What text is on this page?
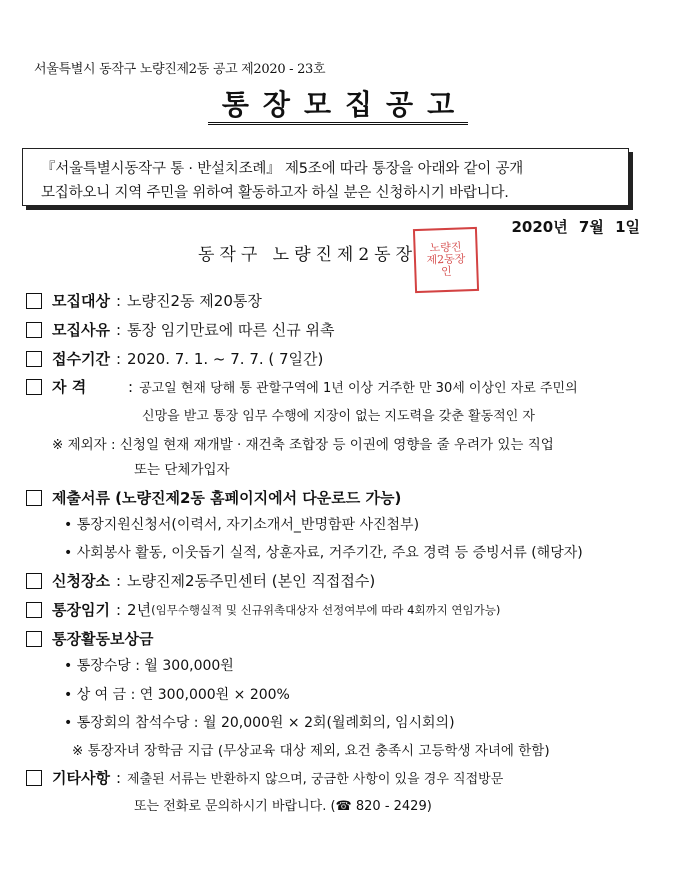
서울특별시 동작구 노량진제2동 공고 제2020 - 23호
통장모집공고
『서울특별시동작구 통 · 반설치조례』 제5조에 따라 통장을 아래와 같이 공개
모집하오니 지역 주민을 위하여 활동하고자 하실 분은 신청하시기 바랍니다.
2020년 7월 1일
동작구 노량진제2동장	노량진
제2동장
인
모집대상 : 노량진2동 제20통장
모집사유 : 통장 임기만료에 따른 신규 위촉
접수기간 : 2020. 7. 1. ~ 7. 7. ( 7일간)
자 격	: 공고일 현재 당해 통 관할구역에 1년 이상 거주한 만 30세 이상인 자로 주민의
신망을 받고 통장 임무 수행에 지장이 없는 지도력을 갖춘 활동적인 자
※ 제외자 : 신청일 현재 재개발 · 재건축 조합장 등 이권에 영향을 줄 우려가 있는 직업
또는 단체가입자
제출서류 (노량진제2동 홈페이지에서 다운로드 가능)
• 통장지원신청서(이력서, 자기소개서_반명함판 사진첨부)
• 사회봉사 활동, 이웃돕기 실적, 상훈자료, 거주기간, 주요 경력 등 증빙서류 (해당자)
신청장소 : 노량진제2동주민센터 (본인 직접접수)
통장임기 : 2년 (임무수행실적 및 신규위촉대상자 선정여부에 따라 4회까지 연임가능)
통장활동보상금
• 통장수당 : 월 300,000원
• 상 여 금 : 연 300,000원 × 200%
• 통장회의 참석수당 : 월 20,000원 × 2회(월례회의, 임시회의)
※ 통장자녀 장학금 지급 (무상교육 대상 제외, 요건 충족시 고등학생 자녀에 한함)
기타사항 : 제출된 서류는 반환하지 않으며, 궁금한 사항이 있을 경우 직접방문
또는 전화로 문의하시기 바랍니다. (☎ 820 - 2429)
